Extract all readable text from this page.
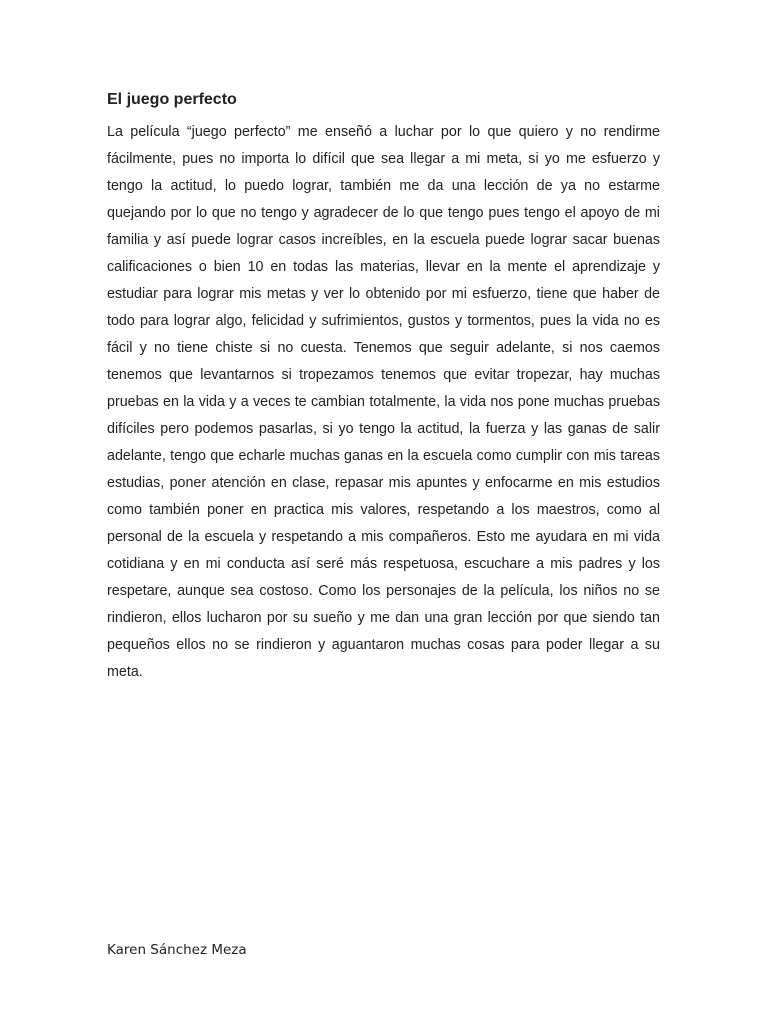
El juego perfecto

La película “juego perfecto” me enseñó a luchar por lo que quiero y no rendirme fácilmente, pues no importa lo difícil que sea llegar a mi meta, si yo me esfuerzo y tengo la actitud, lo puedo lograr, también me da una lección de ya no estarme quejando por lo que no tengo y agradecer de lo que tengo pues tengo el apoyo de mi familia y así puede lograr casos increíbles, en la escuela puede lograr sacar buenas calificaciones o bien 10 en todas las materias, llevar en la mente el aprendizaje y estudiar para lograr mis metas y ver lo obtenido por mi esfuerzo, tiene que haber de todo para lograr algo, felicidad y sufrimientos, gustos y tormentos, pues la vida no es fácil y no tiene chiste si no cuesta. Tenemos que seguir adelante, si nos caemos tenemos que levantarnos si tropezamos tenemos que evitar tropezar, hay muchas pruebas en la vida y a veces te cambian totalmente, la vida nos pone muchas pruebas difíciles pero podemos pasarlas, si yo tengo la actitud, la fuerza y las ganas de salir adelante, tengo que echarle muchas ganas en la escuela como cumplir con mis tareas estudias, poner atención en clase, repasar mis apuntes y enfocarme en mis estudios como también poner en practica mis valores, respetando a los maestros, como al personal de la escuela y respetando a mis compañeros. Esto me ayudara en mi vida cotidiana y en mi conducta así seré más respetuosa, escuchare a mis padres y los respetare, aunque sea costoso. Como los personajes de la película, los niños no se rindieron, ellos lucharon por su sueño y me dan una gran lección por que siendo tan pequeños ellos no se rindieron y aguantaron muchas cosas para poder llegar a su meta.

Karen Sánchez Meza
